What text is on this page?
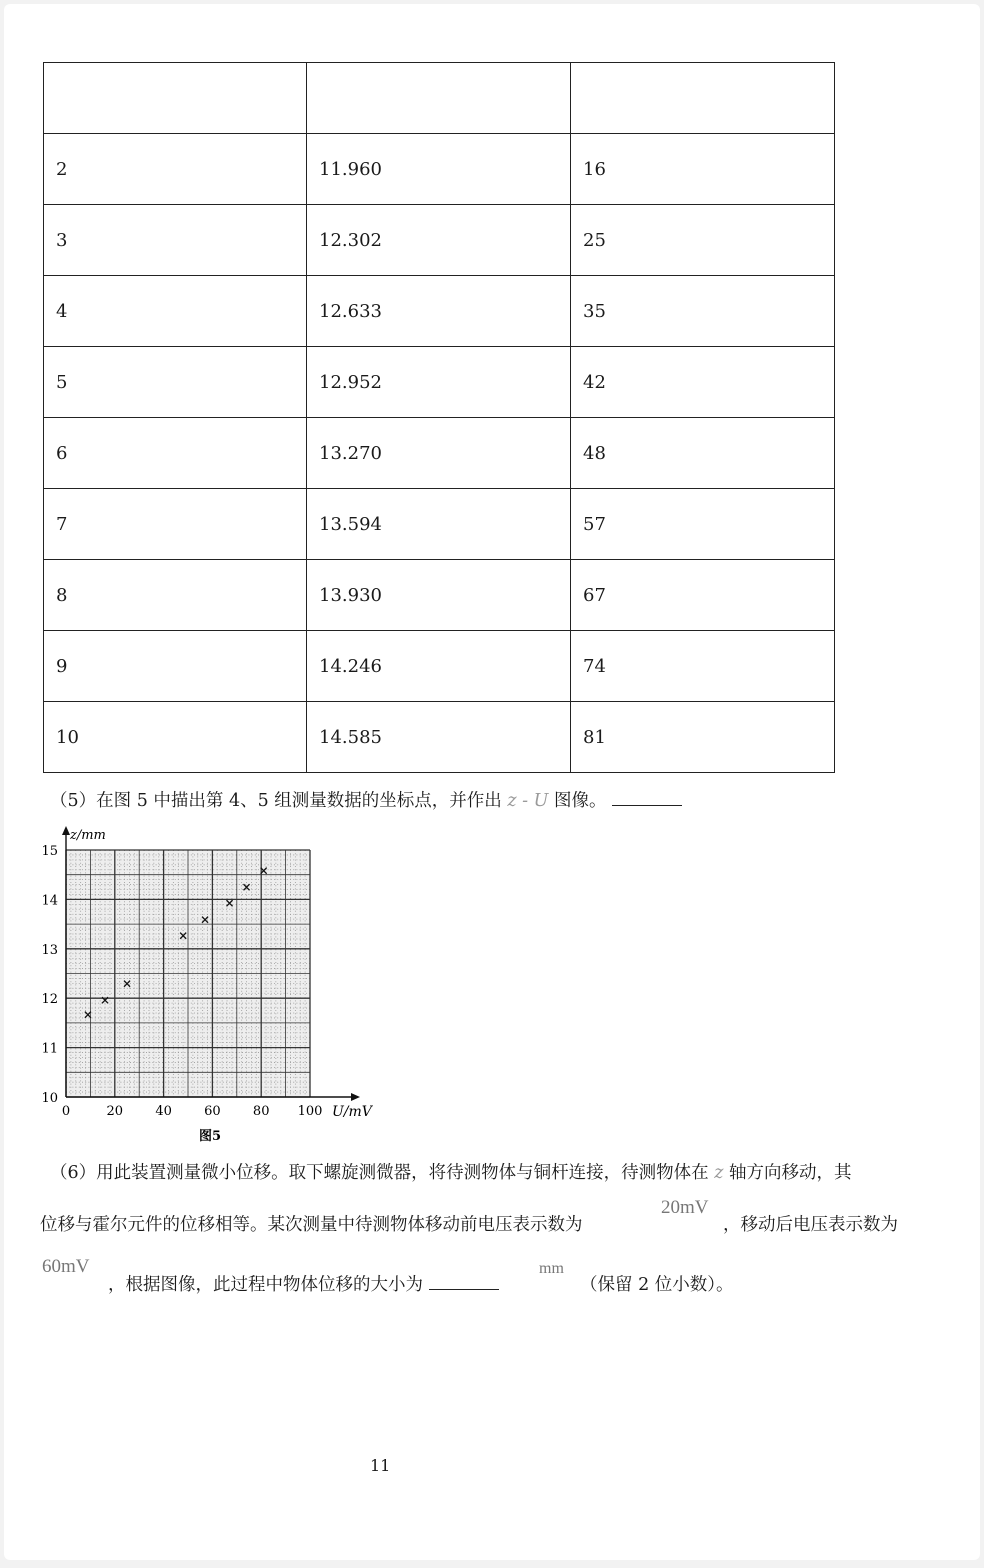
2	11.960	16
3	12.302	25
4	12.633	35
5	12.952	42
6	13.270	48
7	13.594	57
8	13.930	67
9	14.246	74
10	14.585	81
（5）在图 5 中描出第 4、5 组测量数据的坐标点，并作出 z - U 图像。
0	20 40 60 80 100
10
11
12
13
14
15
×
×
×
×
×
×
×
×
U/mV
z/mm
图5
（6）用此装置测量微小位移。取下螺旋测微器，将待测物体与铜杆连接，待测物体在 z 轴方向移动，其
位移与霍尔元件的位移相等。某次测量中待测物体移动前电压表示数为
20mV
，移动后电压表示数为
60mV
，根据图像，此过程中物体位移的大小为
mm
（保留 2 位小数）。
11
